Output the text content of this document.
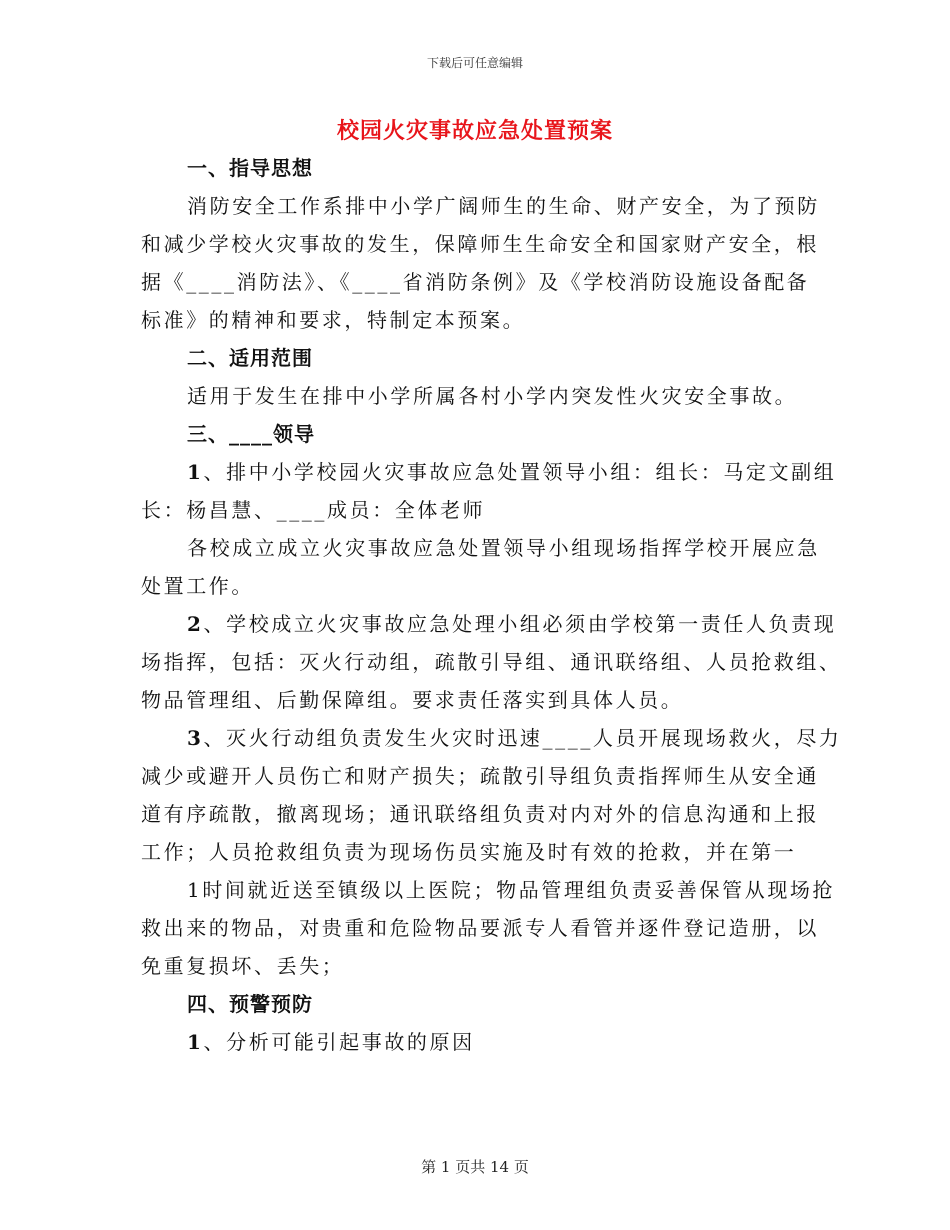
下载后可任意编辑
校园火灾事故应急处置预案
一、指导思想
消防安全工作系排中小学广阔师生的生命、财产安全，为了预防
和减少学校火灾事故的发生，保障师生生命安全和国家财产安全，根
据《____消防法》、《____省消防条例》及《学校消防设施设备配备
标准》的精神和要求，特制定本预案。
二、适用范围
适用于发生在排中小学所属各村小学内突发性火灾安全事故。
三、____领导
1、排中小学校园火灾事故应急处置领导小组：组长：马定文副组
长：杨昌慧、____成员：全体老师
各校成立成立火灾事故应急处置领导小组现场指挥学校开展应急
处置工作。
2、学校成立火灾事故应急处理小组必须由学校第一责任人负责现
场指挥，包括：灭火行动组，疏散引导组、通讯联络组、人员抢救组、
物品管理组、后勤保障组。要求责任落实到具体人员。
3、灭火行动组负责发生火灾时迅速____人员开展现场救火，尽力
减少或避开人员伤亡和财产损失；疏散引导组负责指挥师生从安全通
道有序疏散，撤离现场；通讯联络组负责对内对外的信息沟通和上报
工作；人员抢救组负责为现场伤员实施及时有效的抢救，并在第一
1时间就近送至镇级以上医院；物品管理组负责妥善保管从现场抢
救出来的物品，对贵重和危险物品要派专人看管并逐件登记造册，以
免重复损坏、丢失；
四、预警预防
1、分析可能引起事故的原因
第 1 页共 14 页
